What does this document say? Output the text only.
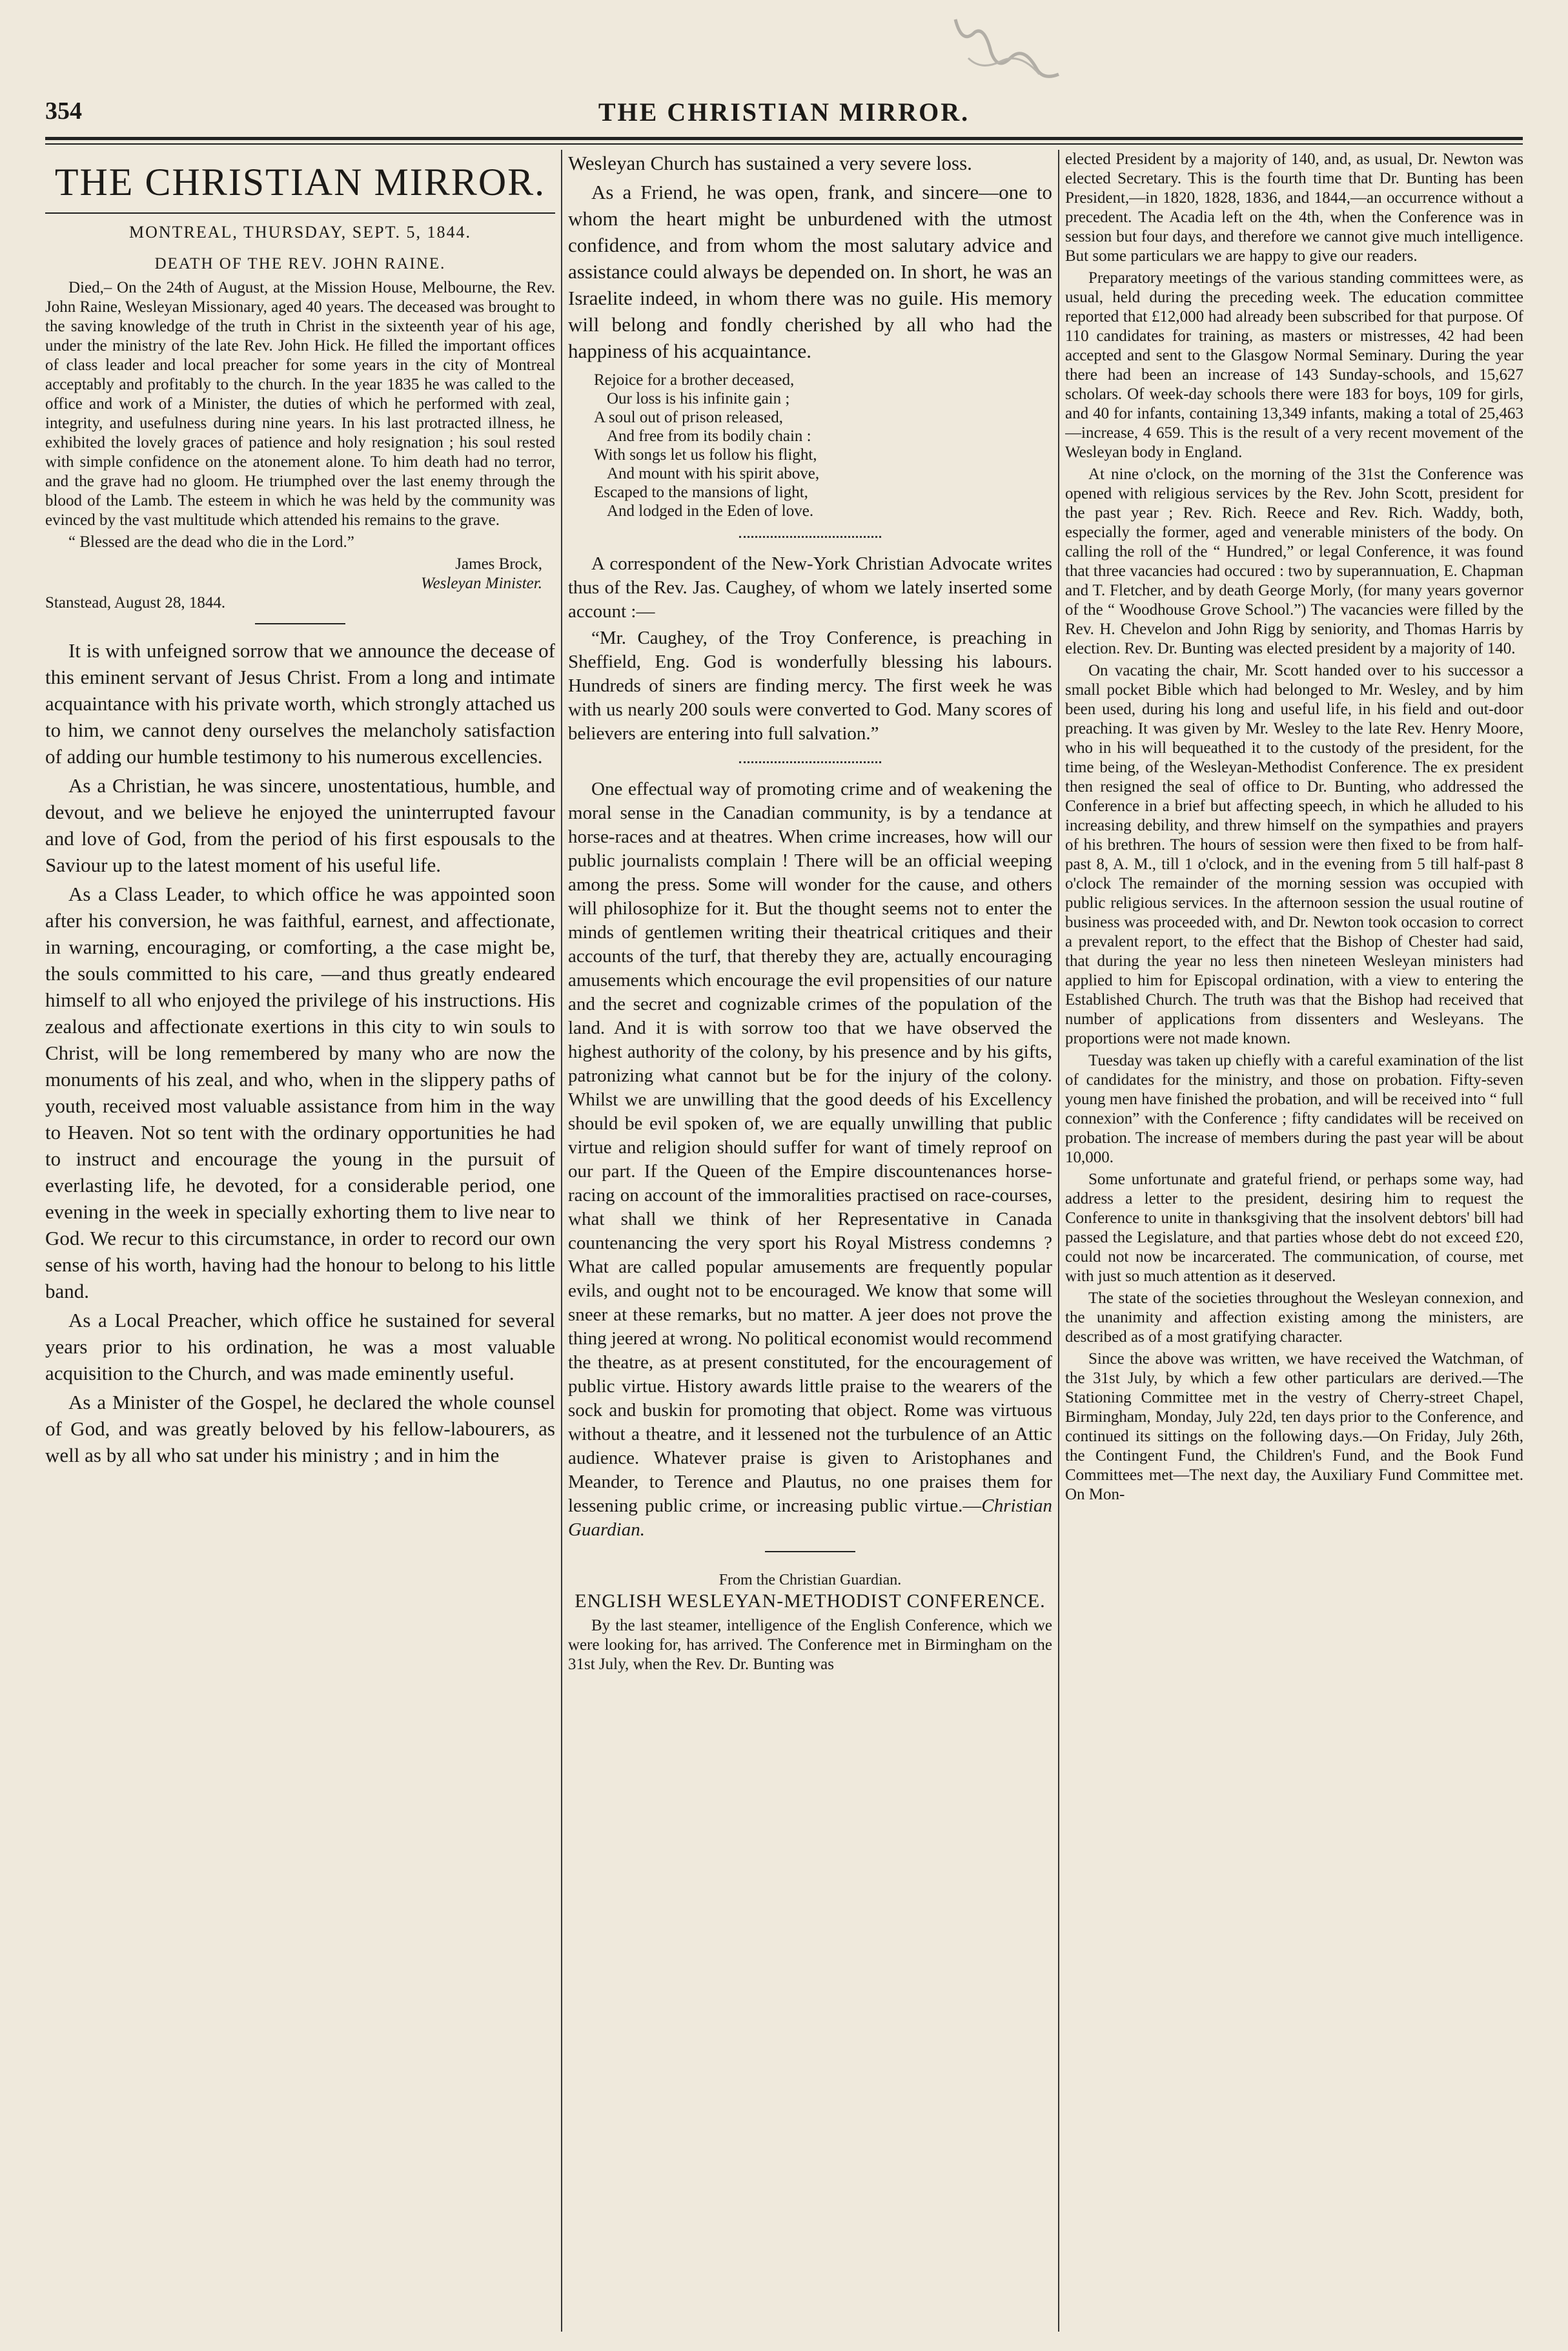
354	THE CHRISTIAN MIRROR.
THE CHRISTIAN MIRROR.
MONTREAL, THURSDAY, SEPT. 5, 1844.
DEATH OF THE REV. JOHN RAINE.

Died,– On the 24th of August, at the Mission House, Melbourne, the Rev. John Raine, Wesleyan Missionary, aged 40 years. The deceased was brought to the saving knowledge of the truth in Christ in the sixteenth year of his age, under the ministry of the late Rev. John Hick. He filled the important offices of class leader and local preacher for some years in the city of Montreal acceptably and profitably to the church. In the year 1835 he was called to the office and work of a Minister, the duties of which he performed with zeal, integrity, and usefulness during nine years. In his last protracted illness, he exhibited the lovely graces of patience and holy resignation ; his soul rested with simple confidence on the atonement alone. To him death had no terror, and the grave had no gloom. He triumphed over the last enemy through the blood of the Lamb. The esteem in which he was held by the community was evinced by the vast multitude which attended his remains to the grave.

“ Blessed are the dead who die in the Lord.”

James Brock,
Wesleyan Minister.
Stanstead, August 28, 1844.

It is with unfeigned sorrow that we announce the decease of this eminent servant of Jesus Christ. From a long and intimate acquaintance with his private worth, which strongly attached us to him, we cannot deny ourselves the melancholy satisfaction of adding our humble testimony to his numerous excellencies.

As a Christian, he was sincere, unostentatious, humble, and devout, and we believe he enjoyed the uninterrupted favour and love of God, from the period of his first espousals to the Saviour up to the latest moment of his useful life.

As a Class Leader, to which office he was appointed soon after his conversion, he was faithful, earnest, and affectionate, in warning, encouraging, or comforting, a the case might be, the souls committed to his care, —and thus greatly endeared himself to all who enjoyed the privilege of his instructions. His zealous and affectionate exertions in this city to win souls to Christ, will be long remembered by many who are now the monuments of his zeal, and who, when in the slippery paths of youth, received most valuable assistance from him in the way to Heaven. Not so tent with the ordinary opportunities he had to instruct and encourage the young in the pursuit of everlasting life, he devoted, for a considerable period, one evening in the week in specially exhorting them to live near to God. We recur to this circumstance, in order to record our own sense of his worth, having had the honour to belong to his little band.

As a Local Preacher, which office he sustained for several years prior to his ordination, he was a most valuable acquisition to the Church, and was made eminently useful.

As a Minister of the Gospel, he declared the whole counsel of God, and was greatly beloved by his fellow-labourers, as well as by all who sat under his ministry ; and in him the

Wesleyan Church has sustained a very severe loss.

As a Friend, he was open, frank, and sincere—one to whom the heart might be unburdened with the utmost confidence, and from whom the most salutary advice and assistance could always be depended on. In short, he was an Israelite indeed, in whom there was no guile. His memory will belong and fondly cherished by all who had the happiness of his acquaintance.

Rejoice for a brother deceased,
Our loss is his infinite gain ;
A soul out of prison released,
And free from its bodily chain :
With songs let us follow his flight,
And mount with his spirit above,
Escaped to the mansions of light,
And lodged in the Eden of love.

A correspondent of the New-York Christian Advocate writes thus of the Rev. Jas. Caughey, of whom we lately inserted some account :—

“Mr. Caughey, of the Troy Conference, is preaching in Sheffield, Eng. God is wonderfully blessing his labours. Hundreds of siners are finding mercy. The first week he was with us nearly 200 souls were converted to God. Many scores of believers are entering into full salvation.”

One effectual way of promoting crime and of weakening the moral sense in the Canadian community, is by a tendance at horse-races and at theatres. When crime increases, how will our public journalists complain ! There will be an official weeping among the press. Some will wonder for the cause, and others will philosophize for it. But the thought seems not to enter the minds of gentlemen writing their theatrical critiques and their accounts of the turf, that thereby they are, actually encouraging amusements which encourage the evil propensities of our nature and the secret and cognizable crimes of the population of the land. And it is with sorrow too that we have observed the highest authority of the colony, by his presence and by his gifts, patronizing what cannot but be for the injury of the colony. Whilst we are unwilling that the good deeds of his Excellency should be evil spoken of, we are equally unwilling that public virtue and religion should suffer for want of timely reproof on our part. If the Queen of the Empire discountenances horse-racing on account of the immoralities practised on race-courses, what shall we think of her Representative in Canada countenancing the very sport his Royal Mistress condemns ? What are called popular amusements are frequently popular evils, and ought not to be encouraged. We know that some will sneer at these remarks, but no matter. A jeer does not prove the thing jeered at wrong. No political economist would recommend the theatre, as at present constituted, for the encouragement of public virtue. History awards little praise to the wearers of the sock and buskin for promoting that object. Rome was virtuous without a theatre, and it lessened not the turbulence of an Attic audience. Whatever praise is given to Aristophanes and Meander, to Terence and Plautus, no one praises them for lessening public crime, or increasing public virtue.—Christian Guardian.

From the Christian Guardian.
ENGLISH WESLEYAN-METHODIST CONFERENCE.

By the last steamer, intelligence of the English Conference, which we were looking for, has arrived. The Conference met in Birmingham on the 31st July, when the Rev. Dr. Bunting was

elected President by a majority of 140, and, as usual, Dr. Newton was elected Secretary. This is the fourth time that Dr. Bunting has been President,—in 1820, 1828, 1836, and 1844,—an occurrence without a precedent. The Acadia left on the 4th, when the Conference was in session but four days, and therefore we cannot give much intelligence. But some particulars we are happy to give our readers.

Preparatory meetings of the various standing committees were, as usual, held during the preceding week. The education committee reported that £12,000 had already been subscribed for that purpose. Of 110 candidates for training, as masters or mistresses, 42 had been accepted and sent to the Glasgow Normal Seminary. During the year there had been an increase of 143 Sunday-schools, and 15,627 scholars. Of week-day schools there were 183 for boys, 109 for girls, and 40 for infants, containing 13,349 infants, making a total of 25,463—increase, 4 659. This is the result of a very recent movement of the Wesleyan body in England.

At nine o'clock, on the morning of the 31st the Conference was opened with religious services by the Rev. John Scott, president for the past year ; Rev. Rich. Reece and Rev. Rich. Waddy, both, especially the former, aged and venerable ministers of the body. On calling the roll of the “ Hundred,” or legal Conference, it was found that three vacancies had occured : two by superannuation, E. Chapman and T. Fletcher, and by death George Morly, (for many years governor of the “ Woodhouse Grove School.”) The vacancies were filled by the Rev. H. Chevelon and John Rigg by seniority, and Thomas Harris by election. Rev. Dr. Bunting was elected president by a majority of 140.

On vacating the chair, Mr. Scott handed over to his successor a small pocket Bible which had belonged to Mr. Wesley, and by him been used, during his long and useful life, in his field and out-door preaching. It was given by Mr. Wesley to the late Rev. Henry Moore, who in his will bequeathed it to the custody of the president, for the time being, of the Wesleyan-Methodist Conference. The ex president then resigned the seal of office to Dr. Bunting, who addressed the Conference in a brief but affecting speech, in which he alluded to his increasing debility, and threw himself on the sympathies and prayers of his brethren. The hours of session were then fixed to be from half-past 8, A. M., till 1 o'clock, and in the evening from 5 till half-past 8 o'clock The remainder of the morning session was occupied with public religious services. In the afternoon session the usual routine of business was proceeded with, and Dr. Newton took occasion to correct a prevalent report, to the effect that the Bishop of Chester had said, that during the year no less then nineteen Wesleyan ministers had applied to him for Episcopal ordination, with a view to entering the Established Church. The truth was that the Bishop had received that number of applications from dissenters and Wesleyans. The proportions were not made known.

Tuesday was taken up chiefly with a careful examination of the list of candidates for the ministry, and those on probation. Fifty-seven young men have finished the probation, and will be received into “ full connexion” with the Conference ; fifty candidates will be received on probation. The increase of members during the past year will be about 10,000.

Some unfortunate and grateful friend, or perhaps some way, had address a letter to the president, desiring him to request the Conference to unite in thanksgiving that the insolvent debtors' bill had passed the Legislature, and that parties whose debt do not exceed £20, could not now be incarcerated. The communication, of course, met with just so much attention as it deserved.

The state of the societies throughout the Wesleyan connexion, and the unanimity and affection existing among the ministers, are described as of a most gratifying character.

Since the above was written, we have received the Watchman, of the 31st July, by which a few other particulars are derived.—The Stationing Committee met in the vestry of Cherry-street Chapel, Birmingham, Monday, July 22d, ten days prior to the Conference, and continued its sittings on the following days.—On Friday, July 26th, the Contingent Fund, the Children's Fund, and the Book Fund Committees met—The next day, the Auxiliary Fund Committee met. On Mon-
